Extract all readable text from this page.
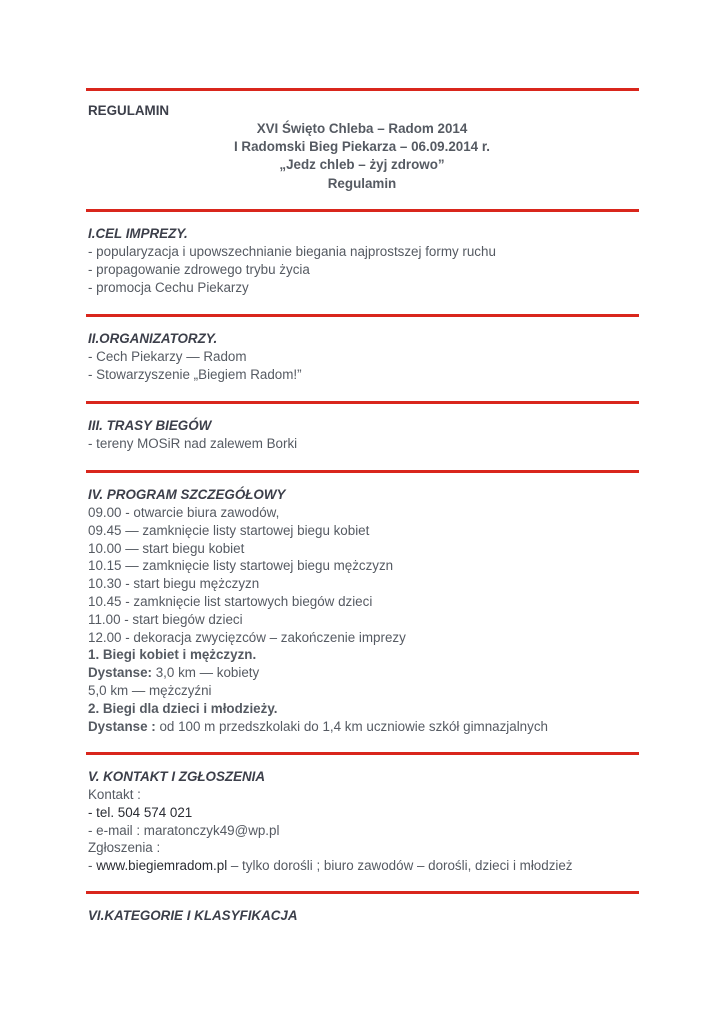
REGULAMIN
XVI Święto Chleba – Radom 2014
I Radomski Bieg Piekarza – 06.09.2014 r.
„Jedz chleb – żyj zdrowo”
Regulamin
I.CEL IMPREZY.
- popularyzacja i upowszechnianie biegania najprostszej formy ruchu
- propagowanie zdrowego trybu życia
- promocja Cechu Piekarzy
II.ORGANIZATORZY.
- Cech Piekarzy — Radom
- Stowarzyszenie „Biegiem Radom!”
III. TRASY BIEGÓW
- tereny MOSiR nad zalewem Borki
IV. PROGRAM SZCZEGÓŁOWY
09.00 - otwarcie biura zawodów,
09.45 — zamknięcie listy startowej biegu kobiet
10.00 — start biegu kobiet
10.15 — zamknięcie listy startowej biegu mężczyzn
10.30 - start biegu mężczyzn
10.45 - zamknięcie list startowych biegów dzieci
11.00 - start biegów dzieci
12.00 - dekoracja zwycięzców – zakończenie imprezy
1. Biegi kobiet i mężczyzn.
Dystanse: 3,0 km — kobiety
5,0 km — mężczyźni
2. Biegi dla dzieci i młodzieży.
Dystanse : od 100 m przedszkolaki do 1,4 km uczniowie szkół gimnazjalnych
V. KONTAKT I ZGŁOSZENIA
Kontakt :
- tel. 504 574 021
- e-mail : maratonczyk49@wp.pl
Zgłoszenia :
- www.biegiemradom.pl – tylko dorośli ; biuro zawodów – dorośli, dzieci i młodzież
VI.KATEGORIE I KLASYFIKACJA
